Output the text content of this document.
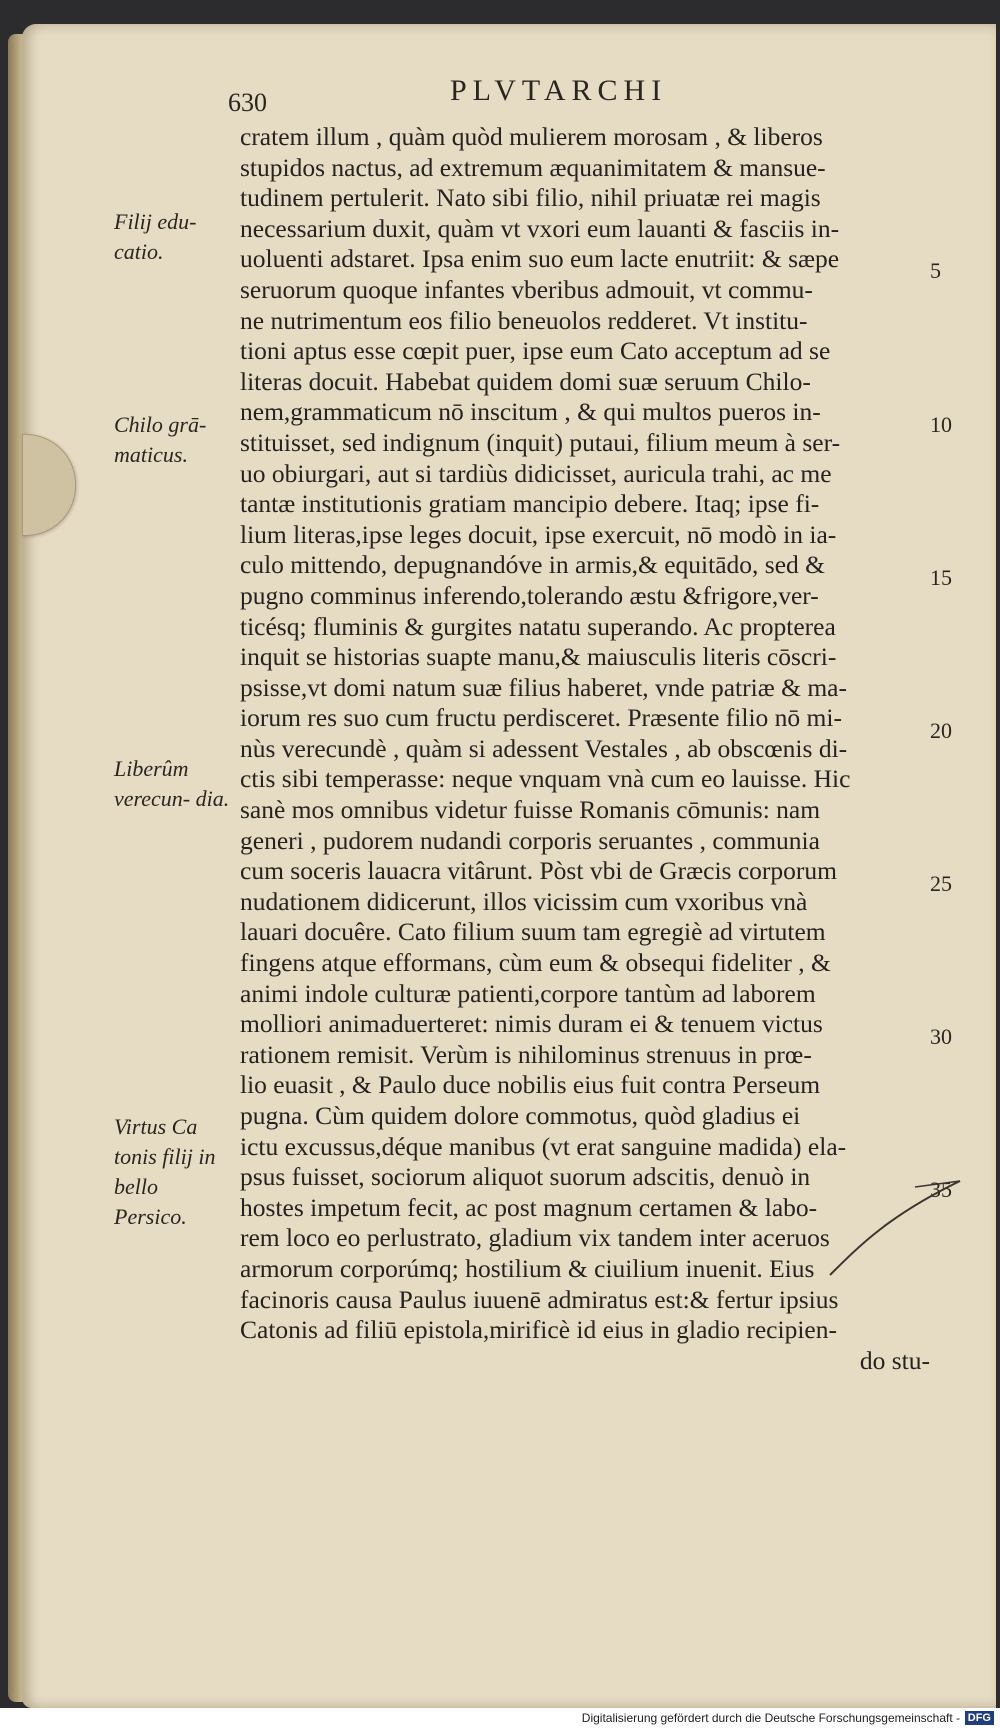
630	PLVTARCHI
cratem illum , quàm quòd mulierem morosam , & liberos
stupidos nactus, ad extremum æquanimitatem & mansue-
tudinem pertulerit. Nato sibi filio, nihil priuatæ rei magis
necessarium duxit, quàm vt vxori eum lauanti & fasciis in-
uoluenti adstaret. Ipsa enim suo eum lacte enutriit: & sæpe
seruorum quoque infantes vberibus admouit, vt commu-
ne nutrimentum eos filio beneuolos redderet. Vt institu-
tioni aptus esse cœpit puer, ipse eum Cato acceptum ad se
literas docuit. Habebat quidem domi suæ seruum Chilo-
nem,grammaticum nō inscitum , & qui multos pueros in-
stituisset, sed indignum (inquit) putaui, filium meum à ser-
uo obiurgari, aut si tardiùs didicisset, auricula trahi, ac me
tantæ institutionis gratiam mancipio debere. Itaq; ipse fi-
lium literas,ipse leges docuit, ipse exercuit, nō modò in ia-
culo mittendo, depugnandóve in armis,& equitādo, sed &
pugno comminus inferendo,tolerando æstu &frigore,ver-
ticésq; fluminis & gurgites natatu superando. Ac propterea
inquit se historias suapte manu,& maiusculis literis cōscri-
psisse,vt domi natum suæ filius haberet, vnde patriæ & ma-
iorum res suo cum fructu perdisceret. Præsente filio nō mi-
nùs verecundè , quàm si adessent Vestales , ab obscœnis di-
ctis sibi temperasse: neque vnquam vnà cum eo lauisse. Hic
sanè mos omnibus videtur fuisse Romanis cōmunis: nam
generi , pudorem nudandi corporis seruantes , communia
cum soceris lauacra vitârunt. Pòst vbi de Græcis corporum
nudationem didicerunt, illos vicissim cum vxoribus vnà
lauari docuêre. Cato filium suum tam egregiè ad virtutem
fingens atque efformans, cùm eum & obsequi fideliter , &
animi indole culturæ patienti,corpore tantùm ad laborem
molliori animaduerteret: nimis duram ei & tenuem victus
rationem remisit. Verùm is nihilominus strenuus in prœ-
lio euasit , & Paulo duce nobilis eius fuit contra Perseum
pugna. Cùm quidem dolore commotus, quòd gladius ei
ictu excussus,déque manibus (vt erat sanguine madida) ela-
psus fuisset, sociorum aliquot suorum adscitis, denuò in
hostes impetum fecit, ac post magnum certamen & labo-
rem loco eo perlustrato, gladium vix tandem inter aceruos
armorum corporúmq; hostilium & ciuilium inuenit. Eius
facinoris causa Paulus iuuenē admiratus est:& fertur ipsius
Catonis ad filiū epistola,mirificè id eius in gladio recipien-
do stu-
Filij edu- catio.
Chilo grā- maticus.
Liberûm verecun- dia.
Virtus Ca tonis filij in bello Persico.
5
10
15
20
25
30
35
Digitalisierung gefördert durch die Deutsche Forschungsgemeinschaft - DFG
